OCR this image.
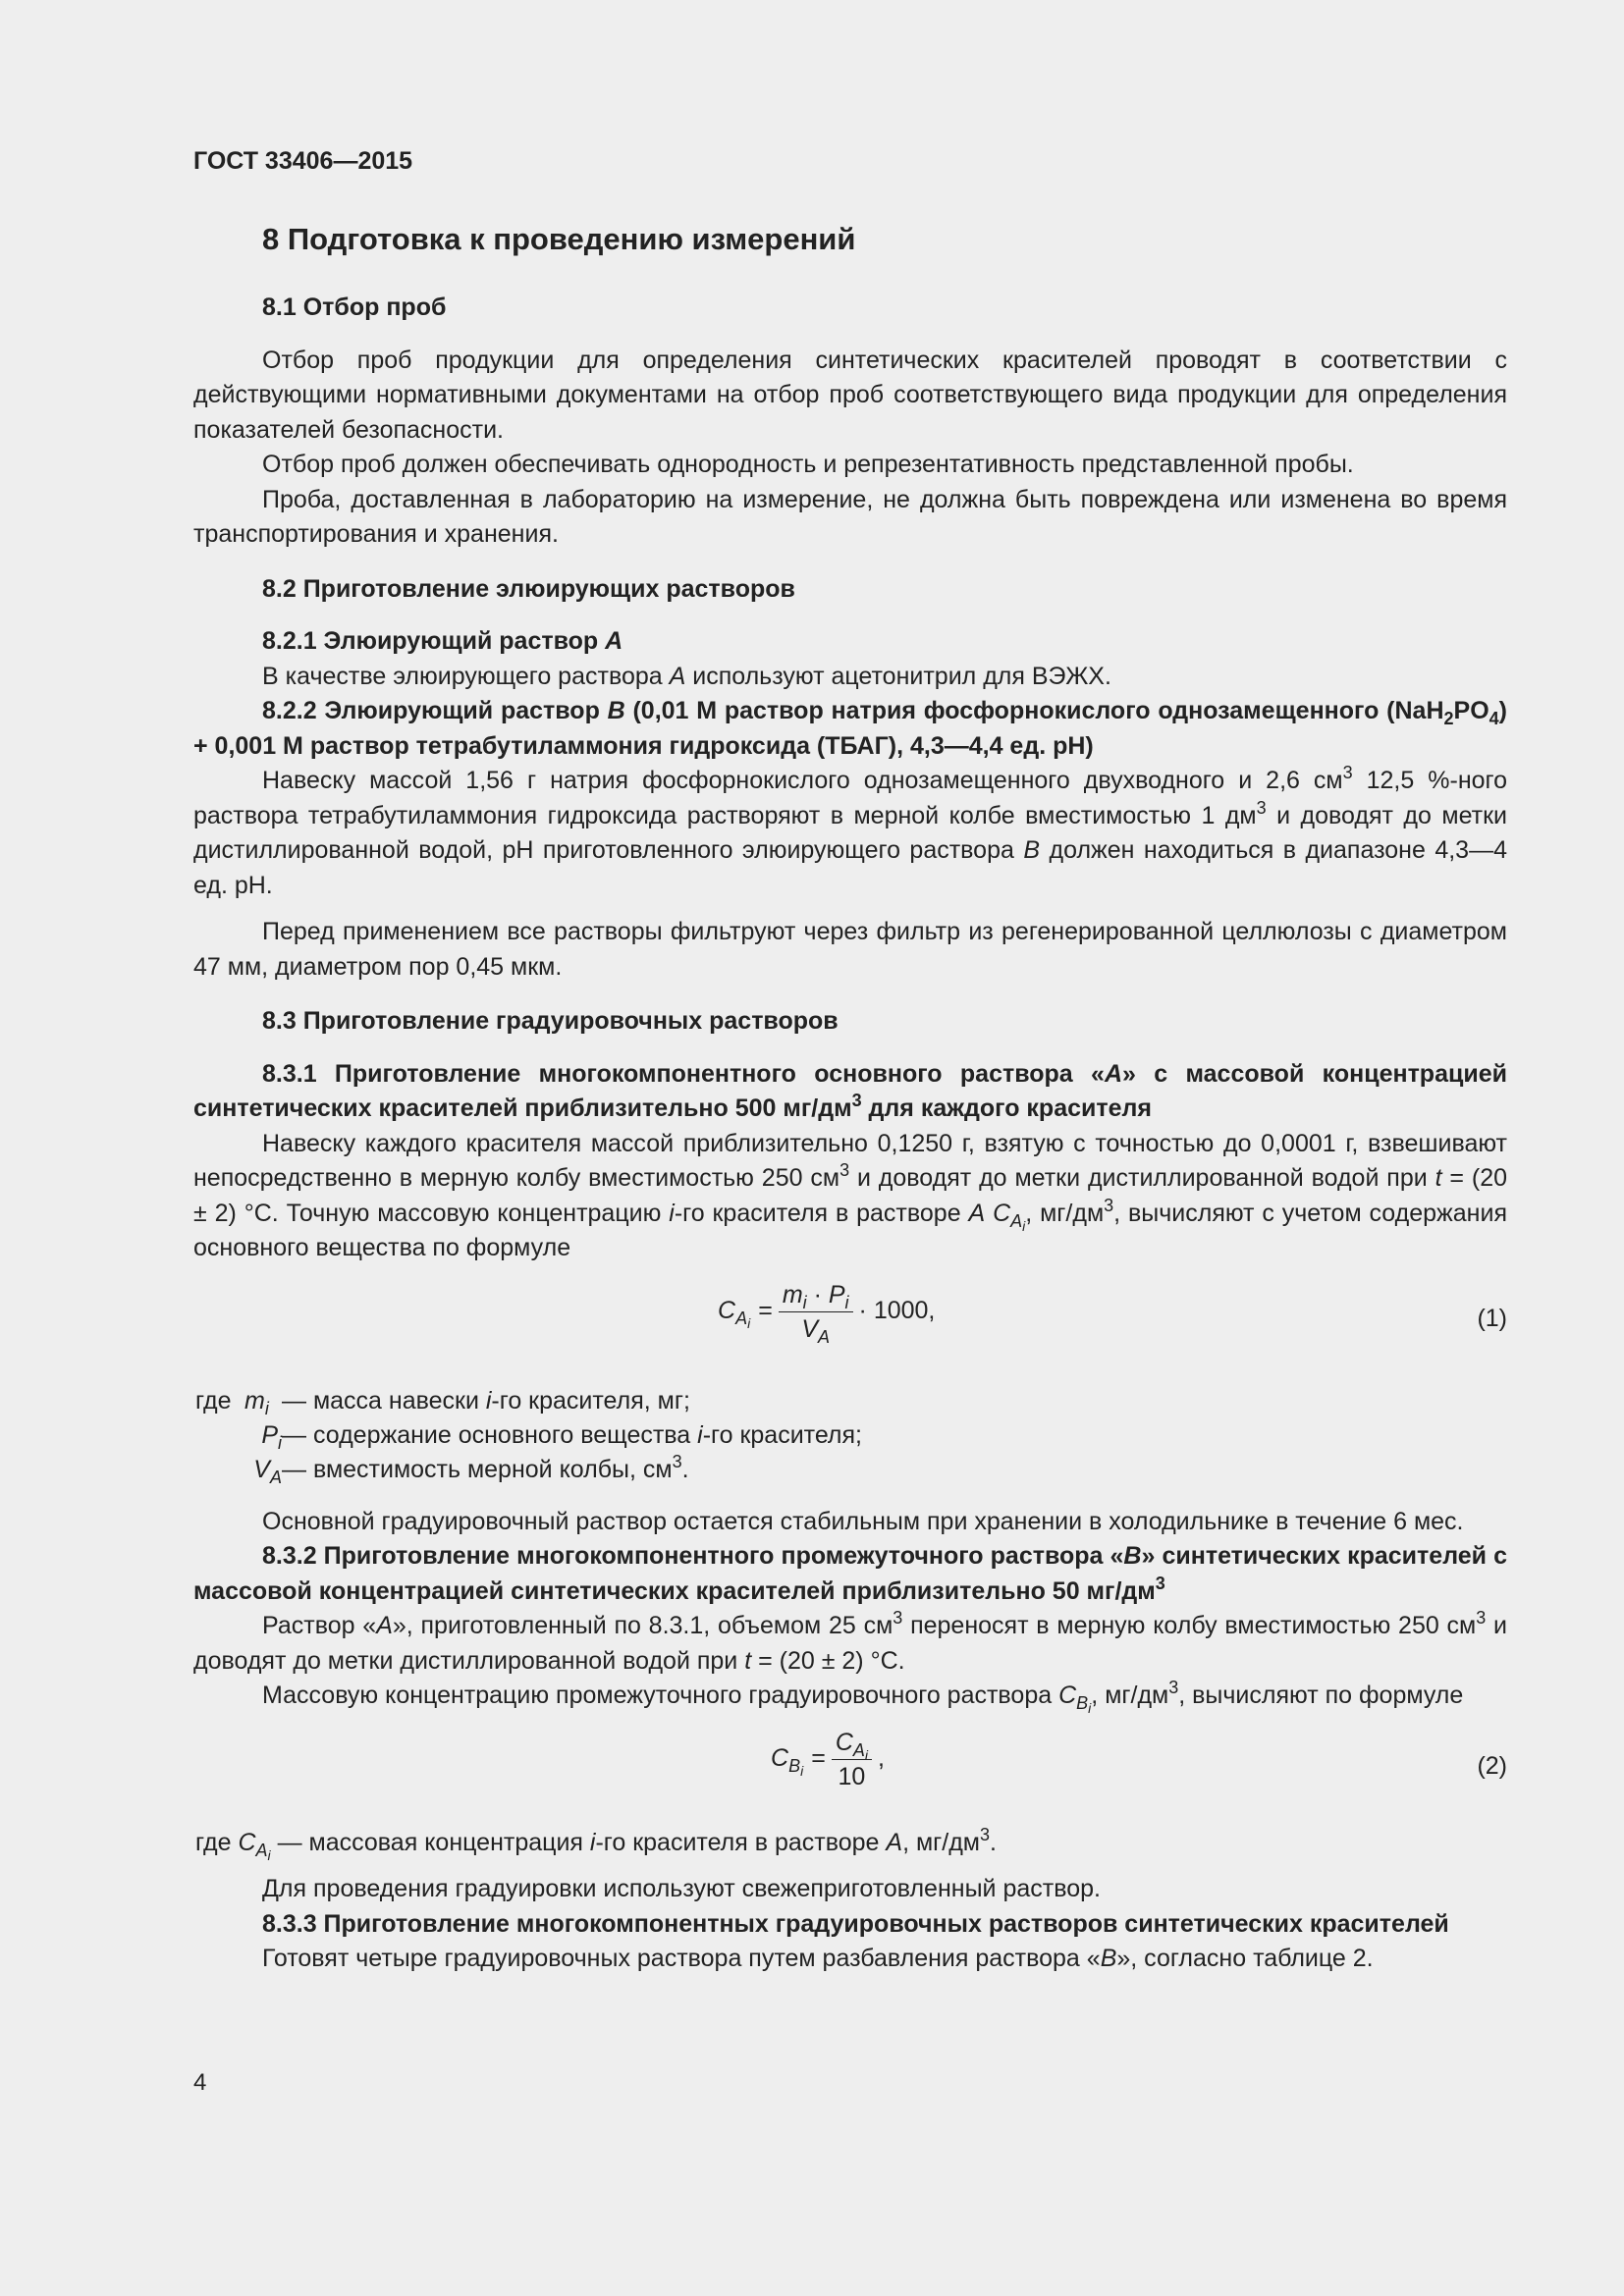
ГОСТ 33406—2015
8 Подготовка к проведению измерений
8.1 Отбор проб

Отбор проб продукции для определения синтетических красителей проводят в соответствии с действующими нормативными документами на отбор проб соответствующего вида продукции для определения показателей безопасности.

Отбор проб должен обеспечивать однородность и репрезентативность представленной пробы.

Проба, доставленная в лабораторию на измерение, не должна быть повреждена или изменена во время транспортирования и хранения.

8.2 Приготовление элюирующих растворов

8.2.1 Элюирующий раствор А

В качестве элюирующего раствора А используют ацетонитрил для ВЭЖХ.

8.2.2 Элюирующий раствор В (0,01 М раствор натрия фосфорнокислого однозамещенного $(NaH_2PO_4) + 0,001$ М раствор тетрабутиламмония гидроксида (ТБАГ), 4,3—4,4 ед. pH)

Навеску массой 1,56 г натрия фосфорнокислого однозамещенного двухводного и 2,6 $см^3$ 12,5 %-ного раствора тетрабутиламмония гидроксида растворяют в мерной колбе вместимостью 1 $дм^3$ и доводят до метки дистиллированной водой, pH приготовленного элюирующего раствора В должен находиться в диапазоне 4,3—4 ед. pH.

Перед применением все растворы фильтруют через фильтр из регенерированной целлюлозы с диаметром 47 мм, диаметром пор 0,45 мкм.

8.3 Приготовление градуировочных растворов

8.3.1 Приготовление многокомпонентного основного раствора «А» с массовой концентрацией синтетических красителей приблизительно 500 $мг/дм^3$ для каждого красителя

Навеску каждого красителя массой приблизительно 0,1250 г, взятую с точностью до 0,0001 г, взвешивают непосредственно в мерную колбу вместимостью 250 $см^3$ и доводят до метки дистиллированной водой при t = (20 ± 2) °С. Точную массовую концентрацию i-го красителя в растворе А $С_{A_i}$, $мг/дм^3$, вычисляют с учетом содержания основного вещества по формуле

$C_{A_i} = \frac{m_i \cdot P_i}{V_A} \cdot 1000$,	(1)
где $m_i$ — масса навески i-го красителя, мг;
$P_i$ — содержание основного вещества i-го красителя;
$V_A$ — вместимость мерной колбы, $см^3$.

Основной градуировочный раствор остается стабильным при хранении в холодильнике в течение 6 мес.

8.3.2 Приготовление многокомпонентного промежуточного раствора «В» синтетических красителей с массовой концентрацией синтетических красителей приблизительно 50 $мг/дм^3$

Раствор «А», приготовленный по 8.3.1, объемом 25 $см^3$ переносят в мерную колбу вместимостью 250 $см^3$ и доводят до метки дистиллированной водой при t = (20 ± 2) °С.

Массовую концентрацию промежуточного градуировочного раствора $С_{B_i}$, $мг/дм^3$, вычисляют по формуле

$C_{B_i} = \frac{C_{A_i}}{10}$ ,	(2)

где $С_{A_i}$ — массовая концентрация i-го красителя в растворе А, $мг/дм^3$.

Для проведения градуировки используют свежеприготовленный раствор.

8.3.3 Приготовление многокомпонентных градуировочных растворов синтетических красителей

Готовят четыре градуировочных раствора путем разбавления раствора «В», согласно таблице 2.

4
